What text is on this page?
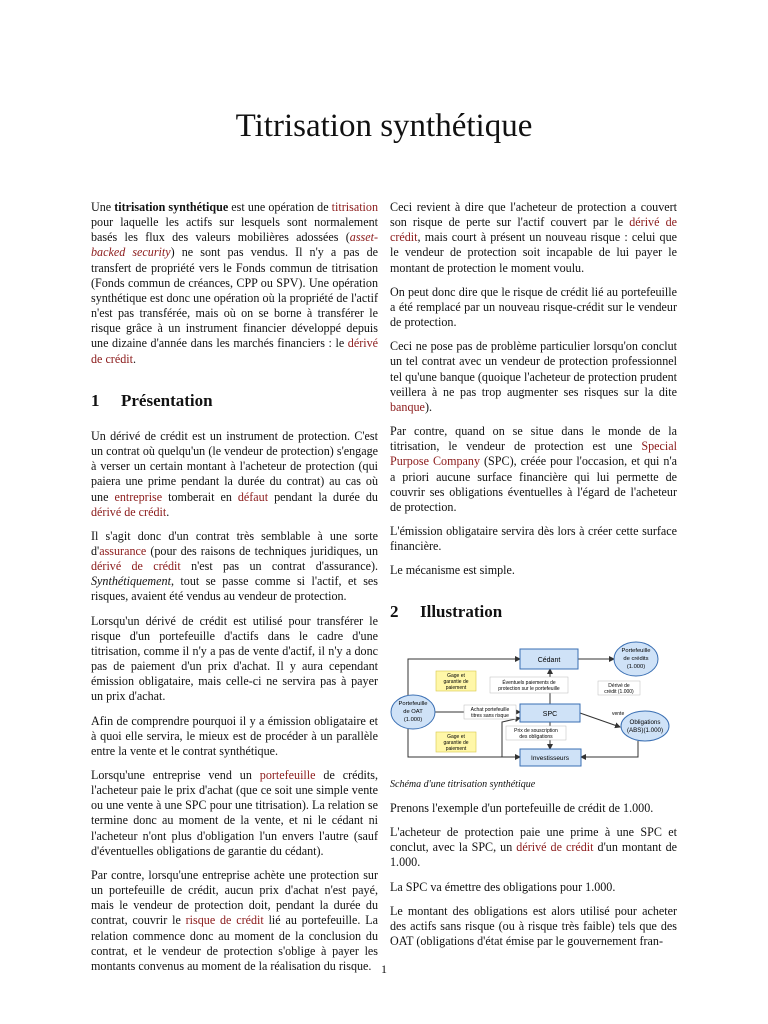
Titrisation synthétique

Une titrisation synthétique est une opération de titrisation pour laquelle les actifs sur lesquels sont normalement basés les flux des valeurs mobilières adossées (asset-backed security) ne sont pas vendus. Il n'y a pas de transfert de propriété vers le Fonds commun de titrisation (Fonds commun de créances, CPP ou SPV). Une opération synthétique est donc une opération où la propriété de l'actif n'est pas transférée, mais où on se borne à transférer le risque grâce à un instrument financier développé depuis une dizaine d'année dans les marchés financiers : le dérivé de crédit.

1 Présentation

Un dérivé de crédit est un instrument de protection. C'est un contrat où quelqu'un (le vendeur de protection) s'engage à verser un certain montant à l'acheteur de protection (qui paiera une prime pendant la durée du contrat) au cas où une entreprise tomberait en défaut pendant la durée du dérivé de crédit.

Il s'agit donc d'un contrat très semblable à une sorte d'assurance (pour des raisons de techniques juridiques, un dérivé de crédit n'est pas un contrat d'assurance). Synthétiquement, tout se passe comme si l'actif, et ses risques, avaient été vendus au vendeur de protection.

Lorsqu'un dérivé de crédit est utilisé pour transférer le risque d'un portefeuille d'actifs dans le cadre d'une titrisation, comme il n'y a pas de vente d'actif, il n'y a donc pas de paiement d'un prix d'achat. Il y aura cependant émission obligataire, mais celle-ci ne servira pas à payer un prix d'achat.

Afin de comprendre pourquoi il y a émission obligataire et à quoi elle servira, le mieux est de procéder à un parallèle entre la vente et le contrat synthétique.

Lorsqu'une entreprise vend un portefeuille de crédits, l'acheteur paie le prix d'achat (que ce soit une simple vente ou une vente à une SPC pour une titrisation). La relation se termine donc au moment de la vente, et ni le cédant ni l'acheteur n'ont plus d'obligation l'un envers l'autre (sauf d'éventuelles obligations de garantie du cédant).

Par contre, lorsqu'une entreprise achète une protection sur un portefeuille de crédit, aucun prix d'achat n'est payé, mais le vendeur de protection doit, pendant la durée du contrat, couvrir le risque de crédit lié au portefeuille. La relation commence donc au moment de la conclusion du contrat, et le vendeur de protection s'oblige à payer les montants convenus au moment de la réalisation du risque.

Ceci revient à dire que l'acheteur de protection a couvert son risque de perte sur l'actif couvert par le dérivé de crédit, mais court à présent un nouveau risque : celui que le vendeur de protection soit incapable de lui payer le montant de protection le moment voulu.

On peut donc dire que le risque de crédit lié au portefeuille a été remplacé par un nouveau risque-crédit sur le vendeur de protection.

Ceci ne pose pas de problème particulier lorsqu'on conclut un tel contrat avec un vendeur de protection professionnel tel qu'une banque (quoique l'acheteur de protection prudent veillera à ne pas trop augmenter ses risques sur la dite banque).

Par contre, quand on se situe dans le monde de la titrisation, le vendeur de protection est une Special Purpose Company (SPC), créée pour l'occasion, et qui n'a a priori aucune surface financière qui lui permette de couvrir ses obligations éventuelles à l'égard de l'acheteur de protection.

L'émission obligataire servira dès lors à créer cette surface financière.

Le mécanisme est simple.

2 Illustration
Cédant
SPC
Investisseurs
Portefeuille
de crédits
(1.000)
Portefeuille
de OAT
(1.000)	Obligations
(ABS)(1.000)
Gage et
garantie de
paiement
Gage et
garantie de
paiement
Éventuels paiements de
protection sur le portefeuille	Dérivé de
crédit (1.000)
vente
Achat portefeuille
titres sans risque
Prix de souscription
des obligations

Schéma d'une titrisation synthétique

Prenons l'exemple d'un portefeuille de crédit de 1.000.

L'acheteur de protection paie une prime à une SPC et conclut, avec la SPC, un dérivé de crédit d'un montant de 1.000.

La SPC va émettre des obligations pour 1.000.

Le montant des obligations est alors utilisé pour acheter des actifs sans risque (ou à risque très faible) tels que des OAT (obligations d'état émise par le gouvernement fran-

1
